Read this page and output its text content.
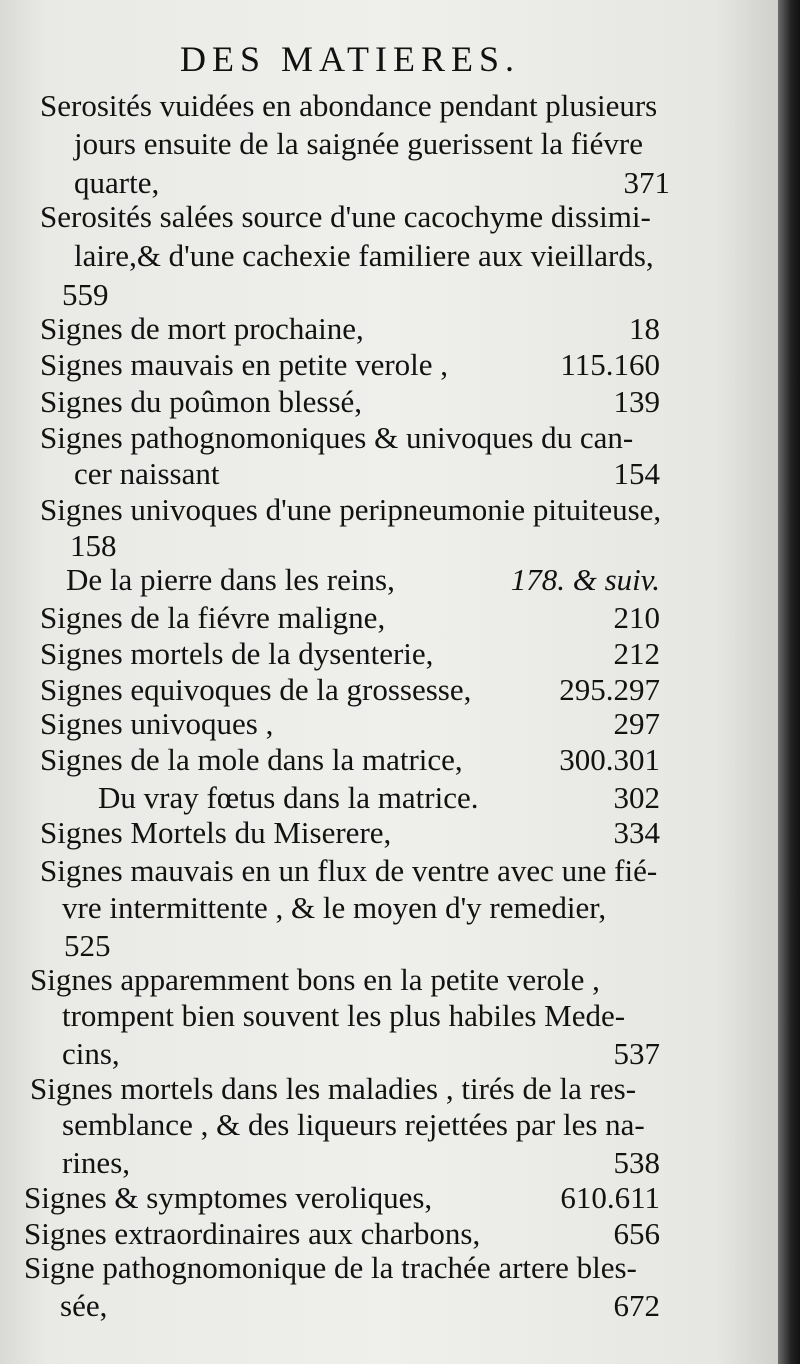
DES MATIERES.
Serosités vuidées en abondance pendant plusieurs
jours ensuite de la saignée guerissent la fiévre
quarte,	371
Serosités salées source d'une cacochyme dissimi-
laire,& d'une cachexie familiere aux vieillards,
559
Signes de mort prochaine,	18
Signes mauvais en petite verole ,	115.160
Signes du poûmon blessé,	139
Signes pathognomoniques & univoques du can-
cer naissant	154
Signes univoques d'une peripneumonie pituiteuse,
158
De la pierre dans les reins,	178. & suiv.
Signes de la fiévre maligne,	210
Signes mortels de la dysenterie,	212
Signes equivoques de la grossesse,	295.297
Signes univoques ,	297
Signes de la mole dans la matrice,	300.301
Du vray fœtus dans la matrice.	302
Signes Mortels du Miserere,	334
Signes mauvais en un flux de ventre avec une fié-
vre intermittente , & le moyen d'y remedier,
525
Signes apparemment bons en la petite verole ,
trompent bien souvent les plus habiles Mede-
cins,	537
Signes mortels dans les maladies , tirés de la res-
semblance , & des liqueurs rejettées par les na-
rines,	538
Signes & symptomes veroliques,	610.611
Signes extraordinaires aux charbons,	656
Signe pathognomonique de la trachée artere bles-
sée,	672
